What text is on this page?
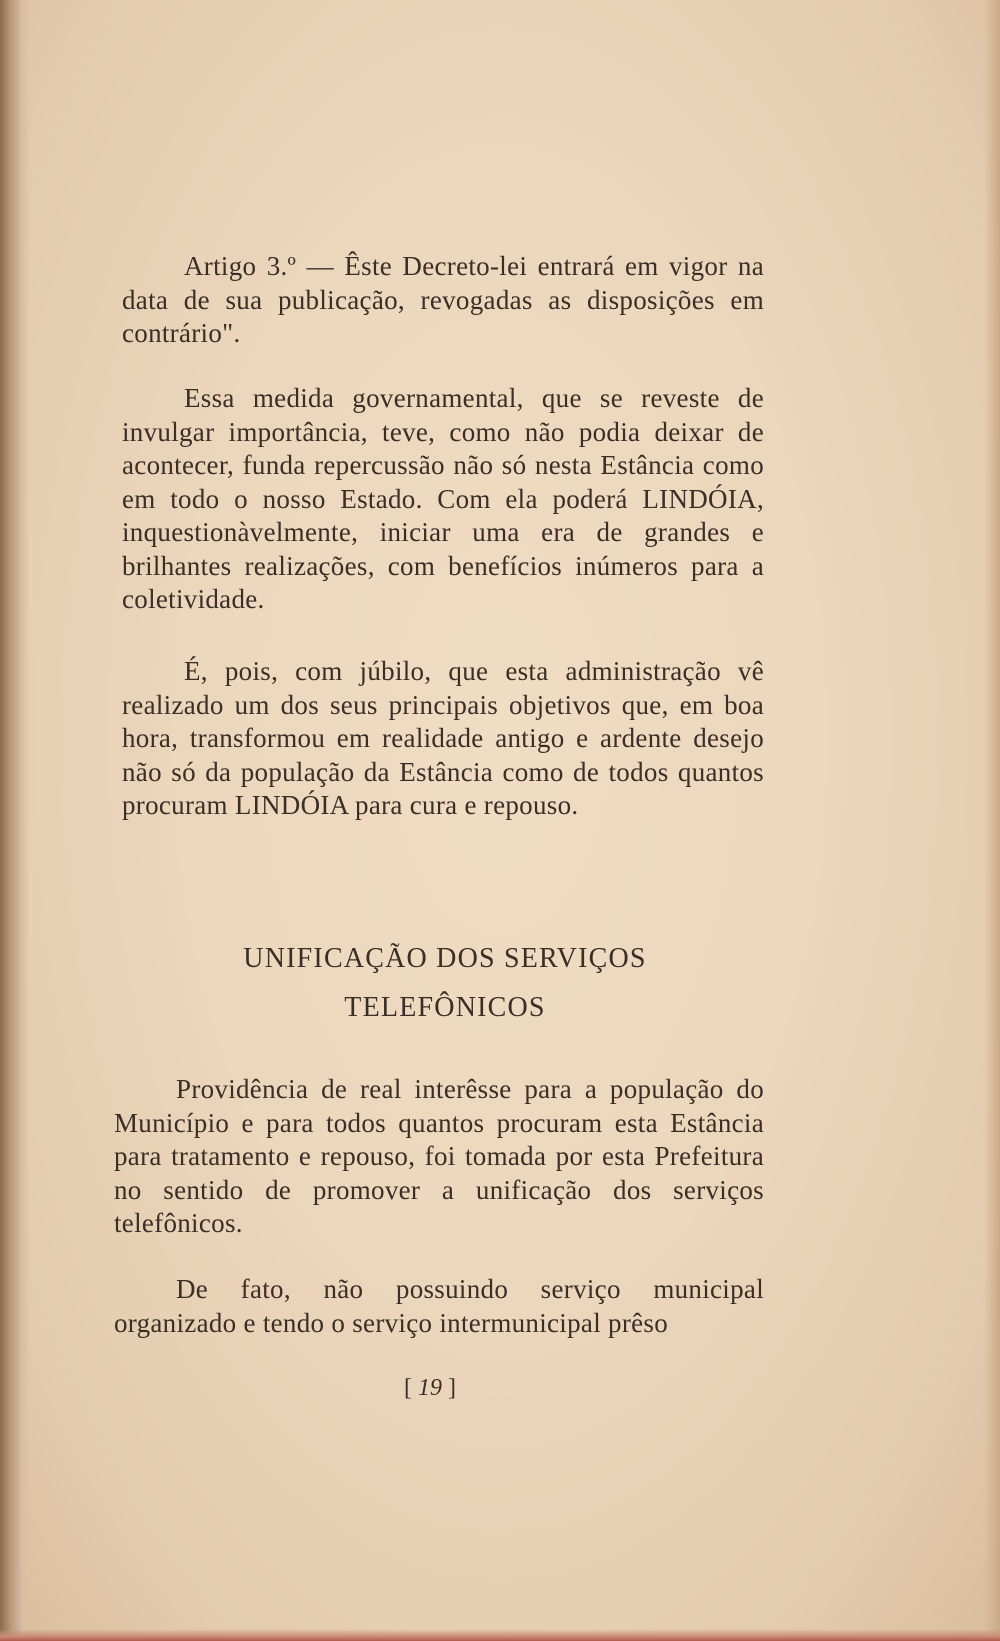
Artigo 3.º — Êste Decreto-lei entrará em vigor na data de sua publicação, revogadas as disposições em contrário".

Essa medida governamental, que se reveste de invulgar importância, teve, como não podia deixar de acontecer, funda repercussão não só nesta Estância como em todo o nosso Estado. Com ela poderá LINDÓIA, inquestionàvelmente, iniciar uma era de grandes e brilhantes realizações, com benefícios inúmeros para a coletividade.

É, pois, com júbilo, que esta administração vê realizado um dos seus principais objetivos que, em boa hora, transformou em realidade antigo e ardente desejo não só da população da Estância como de todos quantos procuram LINDÓIA para cura e repouso.

UNIFICAÇÃO DOS SERVIÇOS
TELEFÔNICOS

Providência de real interêsse para a população do Município e para todos quantos procuram esta Estância para tratamento e repouso, foi tomada por esta Prefeitura no sentido de promover a unificação dos serviços telefônicos.

De fato, não possuindo serviço municipal organizado e tendo o serviço intermunicipal prêso

[ 19 ]
